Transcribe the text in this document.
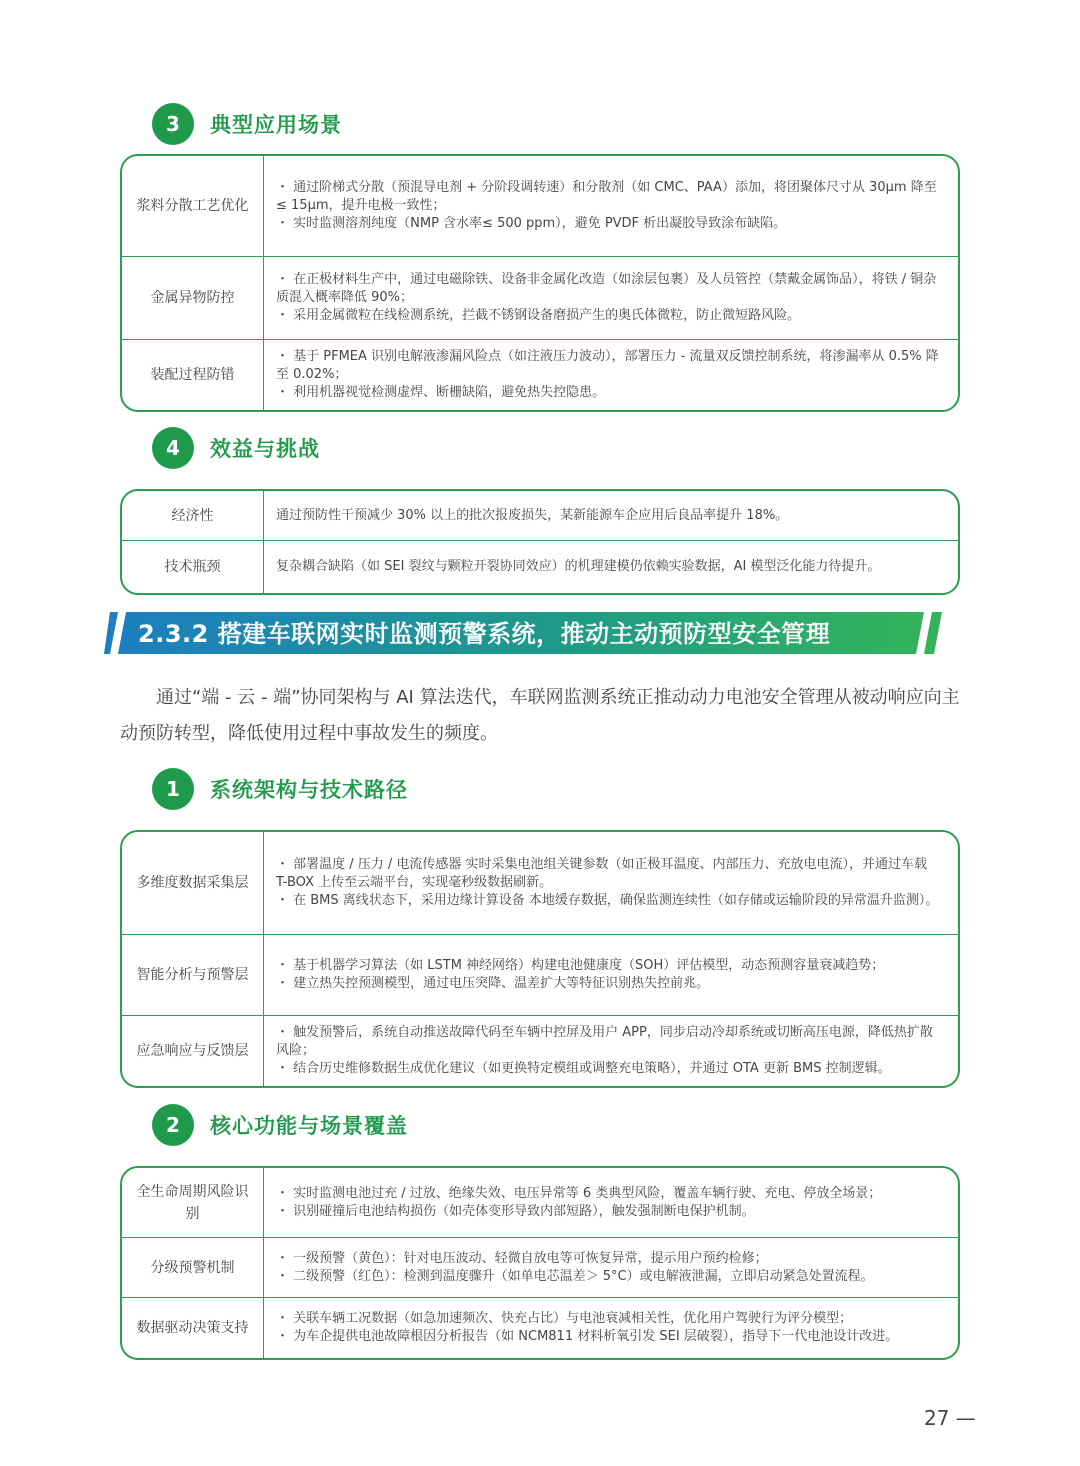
3	典型应用场景
浆料分散工艺优化
・ 通过阶梯式分散（预混导电剂 + 分阶段调转速）和分散剂（如 CMC、PAA）添加，将团聚体尺寸从 30μm 降至≤ 15μm，提升电极一致性；
・ 实时监测溶剂纯度（NMP 含水率≤ 500 ppm），避免 PVDF 析出凝胶导致涂布缺陷。
金属异物防控
・ 在正极材料生产中，通过电磁除铁、设备非金属化改造（如涂层包裹）及人员管控（禁戴金属饰品），将铁 / 铜杂质混入概率降低 90%；
・ 采用金属微粒在线检测系统，拦截不锈钢设备磨损产生的奥氏体微粒，防止微短路风险。
装配过程防错
・ 基于 PFMEA 识别电解液渗漏风险点（如注液压力波动），部署压力 - 流量双反馈控制系统，将渗漏率从 0.5% 降至 0.02%；
・ 利用机器视觉检测虚焊、断栅缺陷，避免热失控隐患。
4	效益与挑战
经济性	通过预防性干预减少 30% 以上的批次报废损失，某新能源车企应用后良品率提升 18%。
技术瓶颈	复杂耦合缺陷（如 SEI 裂纹与颗粒开裂协同效应）的机理建模仍依赖实验数据，AI 模型泛化能力待提升。
2.3.2 搭建车联网实时监测预警系统，推动主动预防型安全管理
通过“端 - 云 - 端”协同架构与 AI 算法迭代，车联网监测系统正推动动力电池安全管理从被动响应向主动预防转型，降低使用过程中事故发生的频度。
1	系统架构与技术路径
多维度数据采集层
・ 部署温度 / 压力 / 电流传感器 实时采集电池组关键参数（如正极耳温度、内部压力、充放电电流），并通过车载 T-BOX 上传至云端平台，实现毫秒级数据刷新。
・ 在 BMS 离线状态下，采用边缘计算设备 本地缓存数据，确保监测连续性（如存储或运输阶段的异常温升监测）。
智能分析与预警层
・ 基于机器学习算法（如 LSTM 神经网络）构建电池健康度（SOH）评估模型，动态预测容量衰减趋势；
・ 建立热失控预测模型，通过电压突降、温差扩大等特征识别热失控前兆。
应急响应与反馈层
・ 触发预警后，系统自动推送故障代码至车辆中控屏及用户 APP，同步启动冷却系统或切断高压电源，降低热扩散风险；
・ 结合历史维修数据生成优化建议（如更换特定模组或调整充电策略），并通过 OTA 更新 BMS 控制逻辑。
2	核心功能与场景覆盖
全生命周期风险识别
・ 实时监测电池过充 / 过放、绝缘失效、电压异常等 6 类典型风险，覆盖车辆行驶、充电、停放全场景；
・ 识别碰撞后电池结构损伤（如壳体变形导致内部短路），触发强制断电保护机制。
分级预警机制
・ 一级预警（黄色）：针对电压波动、轻微自放电等可恢复异常，提示用户预约检修；
・ 二级预警（红色）：检测到温度骤升（如单电芯温差＞ 5°C）或电解液泄漏，立即启动紧急处置流程。
数据驱动决策支持
・ 关联车辆工况数据（如急加速频次、快充占比）与电池衰减相关性，优化用户驾驶行为评分模型；
・ 为车企提供电池故障根因分析报告（如 NCM811 材料析氧引发 SEI 层破裂），指导下一代电池设计改进。
27 —
